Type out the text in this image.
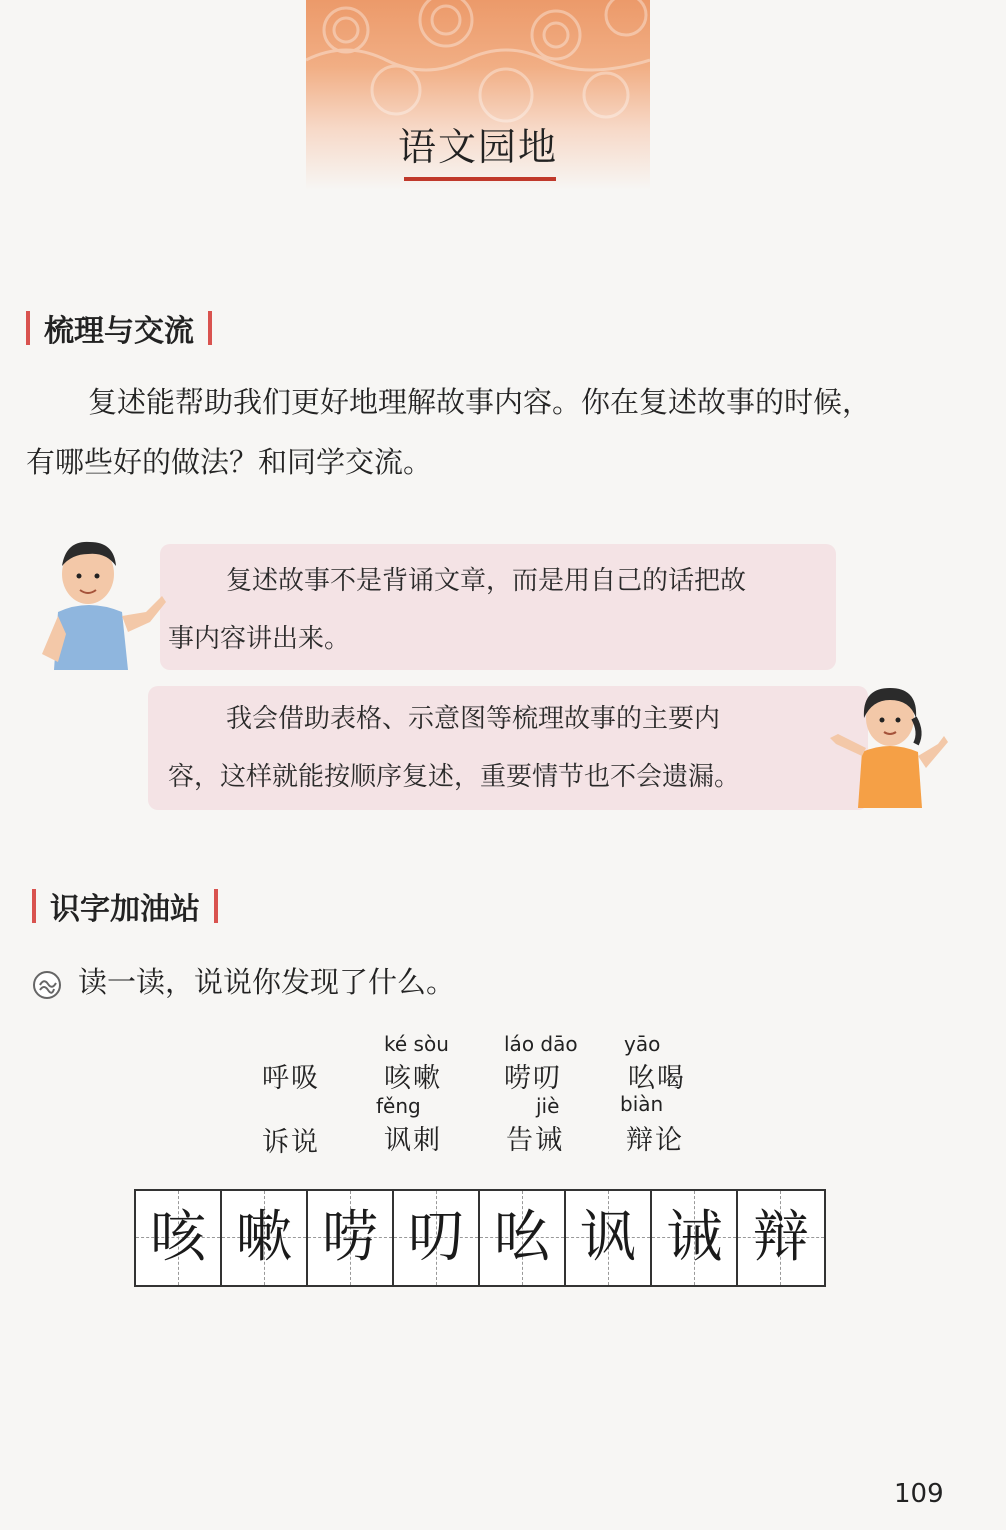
语文园地
梳理与交流
复述能帮助我们更好地理解故事内容。你在复述故事的时候，
有哪些好的做法？和同学交流。
复述故事不是背诵文章，而是用自己的话把故
事内容讲出来。
我会借助表格、示意图等梳理故事的主要内
容，这样就能按顺序复述，重要情节也不会遗漏。
识字加油站
读一读，说说你发现了什么。
呼吸
ké sòu
咳嗽
láo dāo
唠叨
yāo
吆喝
诉说
fěng
讽刺
jiè
告诫
biàn
辩论
咳 嗽 唠 叨 吆 讽 诫 辩
109
